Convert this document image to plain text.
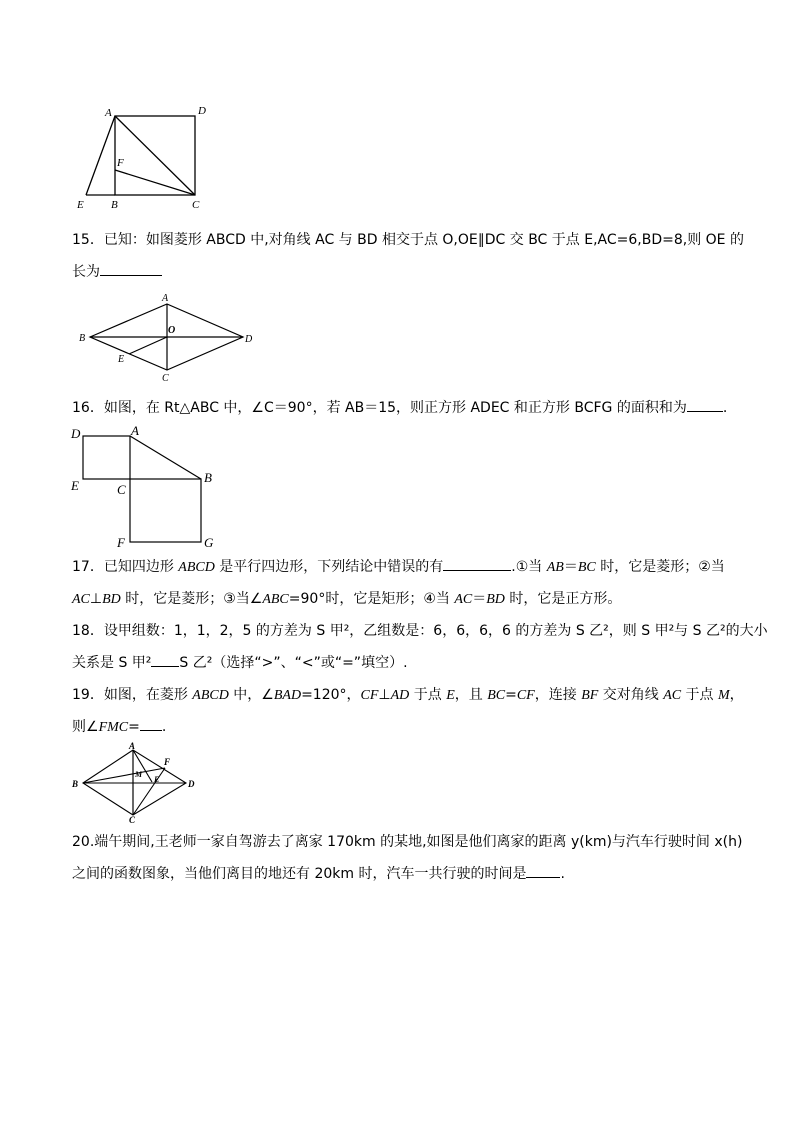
A	D
F
E B	C
15．已知：如图菱形 ABCD 中,对角线 AC 与 BD 相交于点 O,OE∥DC 交 BC 于点 E,AC=6,BD=8,则 OE 的
长为
A
B
O
D
E
C
16．如图，在 Rt△ABC 中，∠C＝90°，若 AB＝15，则正方形 ADEC 和正方形 BCFG 的面积和为	.
D	A
E	C
B
F	G
17．已知四边形 ABCD 是平行四边形，下列结论中错误的有	.①当 AB＝BC 时，它是菱形；②当
AC⊥BD 时，它是菱形；③当∠ABC=90°时，它是矩形；④当 AC＝BD 时，它是正方形。
18．设甲组数：1，1，2，5 的方差为 S 甲²，乙组数是：6，6，6，6 的方差为 S 乙²，则 S 甲²与 S 乙²的大小
关系是 S 甲² S 乙²（选择“>”、“<”或“=”填空）.
19．如图，在菱形 ABCD 中，∠BAD=120°，CF⊥AD 于点 E，且 BC=CF，连接 BF 交对角线 AC 于点 M，
则∠FMC= .
A
B
M
F
E	D
C
20.端午期间,王老师一家自驾游去了离家 170km 的某地,如图是他们离家的距离 y(km)与汽车行驶时间 x(h)
之间的函数图象，当他们离目的地还有 20km 时，汽车一共行驶的时间是 .
